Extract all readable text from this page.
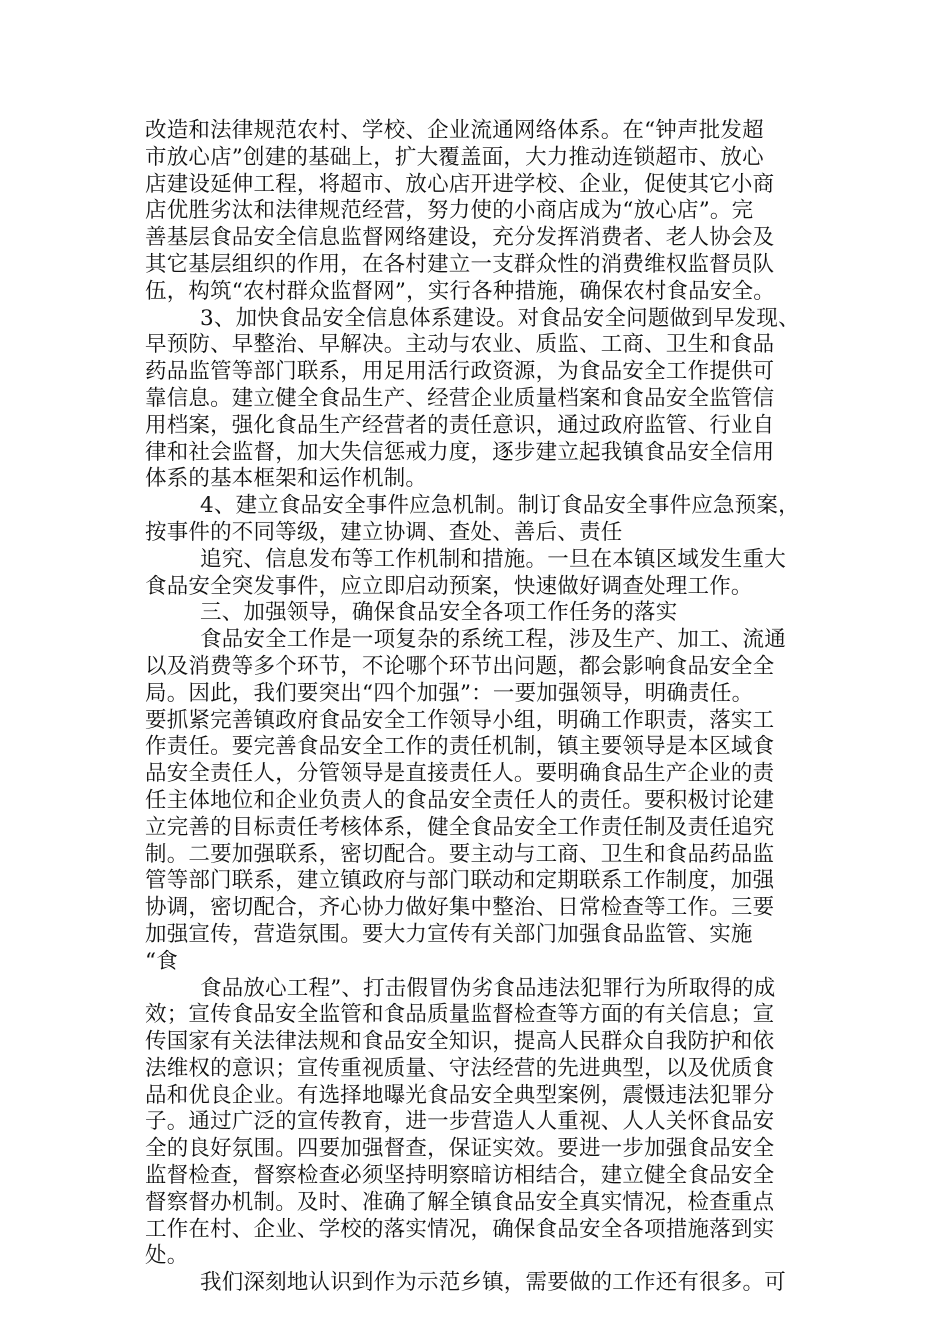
改造和法律规范农村、学校、企业流通网络体系。在“钟声批发超
市放心店”创建的基础上，扩大覆盖面，大力推动连锁超市、放心
店建设延伸工程，将超市、放心店开进学校、企业，促使其它小商
店优胜劣汰和法律规范经营，努力使的小商店成为“放心店”。完
善基层食品安全信息监督网络建设，充分发挥消费者、老人协会及
其它基层组织的作用，在各村建立一支群众性的消费维权监督员队
伍，构筑“农村群众监督网”，实行各种措施，确保农村食品安全。
3、加快食品安全信息体系建设。对食品安全问题做到早发现、
早预防、早整治、早解决。主动与农业、质监、工商、卫生和食品
药品监管等部门联系，用足用活行政资源，为食品安全工作提供可
靠信息。建立健全食品生产、经营企业质量档案和食品安全监管信
用档案，强化食品生产经营者的责任意识，通过政府监管、行业自
律和社会监督，加大失信惩戒力度，逐步建立起我镇食品安全信用
体系的基本框架和运作机制。
4、建立食品安全事件应急机制。制订食品安全事件应急预案，
按事件的不同等级，建立协调、查处、善后、责任
追究、信息发布等工作机制和措施。一旦在本镇区域发生重大
食品安全突发事件，应立即启动预案，快速做好调查处理工作。
三、加强领导，确保食品安全各项工作任务的落实
食品安全工作是一项复杂的系统工程，涉及生产、加工、流通
以及消费等多个环节，不论哪个环节出问题，都会影响食品安全全
局。因此，我们要突出“四个加强”：一要加强领导，明确责任。
要抓紧完善镇政府食品安全工作领导小组，明确工作职责，落实工
作责任。要完善食品安全工作的责任机制，镇主要领导是本区域食
品安全责任人，分管领导是直接责任人。要明确食品生产企业的责
任主体地位和企业负责人的食品安全责任人的责任。要积极讨论建
立完善的目标责任考核体系，健全食品安全工作责任制及责任追究
制。二要加强联系，密切配合。要主动与工商、卫生和食品药品监
管等部门联系，建立镇政府与部门联动和定期联系工作制度，加强
协调，密切配合，齐心协力做好集中整治、日常检查等工作。三要
加强宣传，营造氛围。要大力宣传有关部门加强食品监管、实施
“食
食品放心工程”、打击假冒伪劣食品违法犯罪行为所取得的成
效；宣传食品安全监管和食品质量监督检查等方面的有关信息；宣
传国家有关法律法规和食品安全知识，提高人民群众自我防护和依
法维权的意识；宣传重视质量、守法经营的先进典型，以及优质食
品和优良企业。有选择地曝光食品安全典型案例，震慑违法犯罪分
子。通过广泛的宣传教育，进一步营造人人重视、人人关怀食品安
全的良好氛围。四要加强督查，保证实效。要进一步加强食品安全
监督检查，督察检查必须坚持明察暗访相结合，建立健全食品安全
督察督办机制。及时、准确了解全镇食品安全真实情况，检查重点
工作在村、企业、学校的落实情况，确保食品安全各项措施落到实
处。
我们深刻地认识到作为示范乡镇，需要做的工作还有很多。可
